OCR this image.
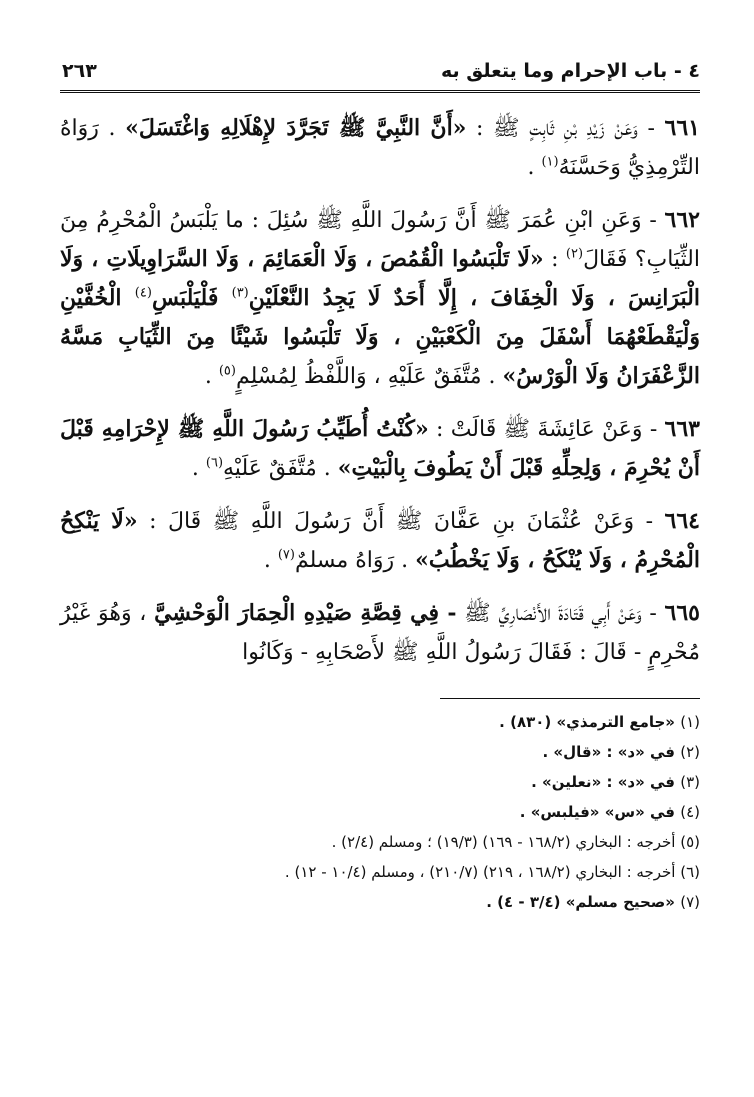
٤ - باب الإحرام وما يتعلق به
٢٦٣

٦٦١ - وَعَنْ زَيْدِ بْنِ ثَابِتٍ ﷺ : «أَنَّ النَّبِيَّ ﷺ تَجَرَّدَ لإِهْلَالِهِ وَاغْتَسَلَ» . رَوَاهُ التِّرْمِذِيُّ وَحَسَّنَهُ$^{(١)}$ .

٦٦٢ - وَعَنِ ابْنِ عُمَرَ ﷺ أَنَّ رَسُولَ اللَّهِ ﷺ سُئِلَ : ما يَلْبَسُ الْمُحْرِمُ مِنَ الثِّيَابِ؟ فَقَالَ$^{(٢)}$ : «لَا تَلْبَسُوا الْقُمُصَ ، وَلَا الْعَمَائِمَ ، وَلَا السَّرَاوِيلَاتِ ، وَلَا الْبَرَانِسَ ، وَلَا الْخِفَافَ ، إِلَّا أَحَدٌ لَا يَجِدُ النَّعْلَيْنِ$^{(٣)}$ فَلْيَلْبَسِ$^{(٤)}$ الْخُفَّيْنِ وَلْيَقْطَعْهُمَا أَسْفَلَ مِنَ الْكَعْبَيْنِ ، وَلَا تَلْبَسُوا شَيْئًا مِنَ الثِّيَابِ مَسَّهُ الزَّعْفَرَانُ وَلَا الْوَرْسُ» . مُتَّفَقٌ عَلَيْهِ ، وَاللَّفْظُ لِمُسْلِمٍ$^{(٥)}$ .

٦٦٣ - وَعَنْ عَائِشَةَ ﷺ قَالَتْ : «كُنْتُ أُطَيِّبُ رَسُولَ اللَّهِ ﷺ لإِحْرَامِهِ قَبْلَ أَنْ يُحْرِمَ ، وَلِحِلِّهِ قَبْلَ أَنْ يَطُوفَ بِالْبَيْتِ» . مُتَّفَقٌ عَلَيْهِ$^{(٦)}$ .

٦٦٤ - وَعَنْ عُثْمَانَ بنِ عَفَّانَ ﷺ أَنَّ رَسُولَ اللَّهِ ﷺ قَالَ : «لَا يَنْكِحُ الْمُحْرِمُ ، وَلَا يُنْكَحُ ، وَلَا يَخْطُبُ» . رَوَاهُ مسلمٌ$^{(٧)}$ .

٦٦٥ - وَعَنْ أَبِي قَتَادَةَ الأَنْصَارِيِّ ﷺ - فِي قِصَّةِ صَيْدِهِ الْحِمَارَ الْوَحْشِيَّ ، وَهُوَ غَيْرُ مُحْرِمٍ - قَالَ : فَقَالَ رَسُولُ اللَّهِ ﷺ لأَصْحَابِهِ - وَكَانُوا

(١) «جامع الترمذي» (٨٣٠) .
(٢) في «د» : «قال» .
(٣) في «د» : «نعلين» .
(٤) في «س» «فيلبس» .
(٥) أخرجه : البخاري (١٦٨/٢ - ١٦٩) (١٩/٣) ؛ ومسلم (٢/٤) .
(٦) أخرجه : البخاري (١٦٨/٢ ، ٢١٩) (٢١٠/٧) ، ومسلم (١٠/٤ - ١٢) .
(٧) «صحيح مسلم» (٣/٤ - ٤) .
